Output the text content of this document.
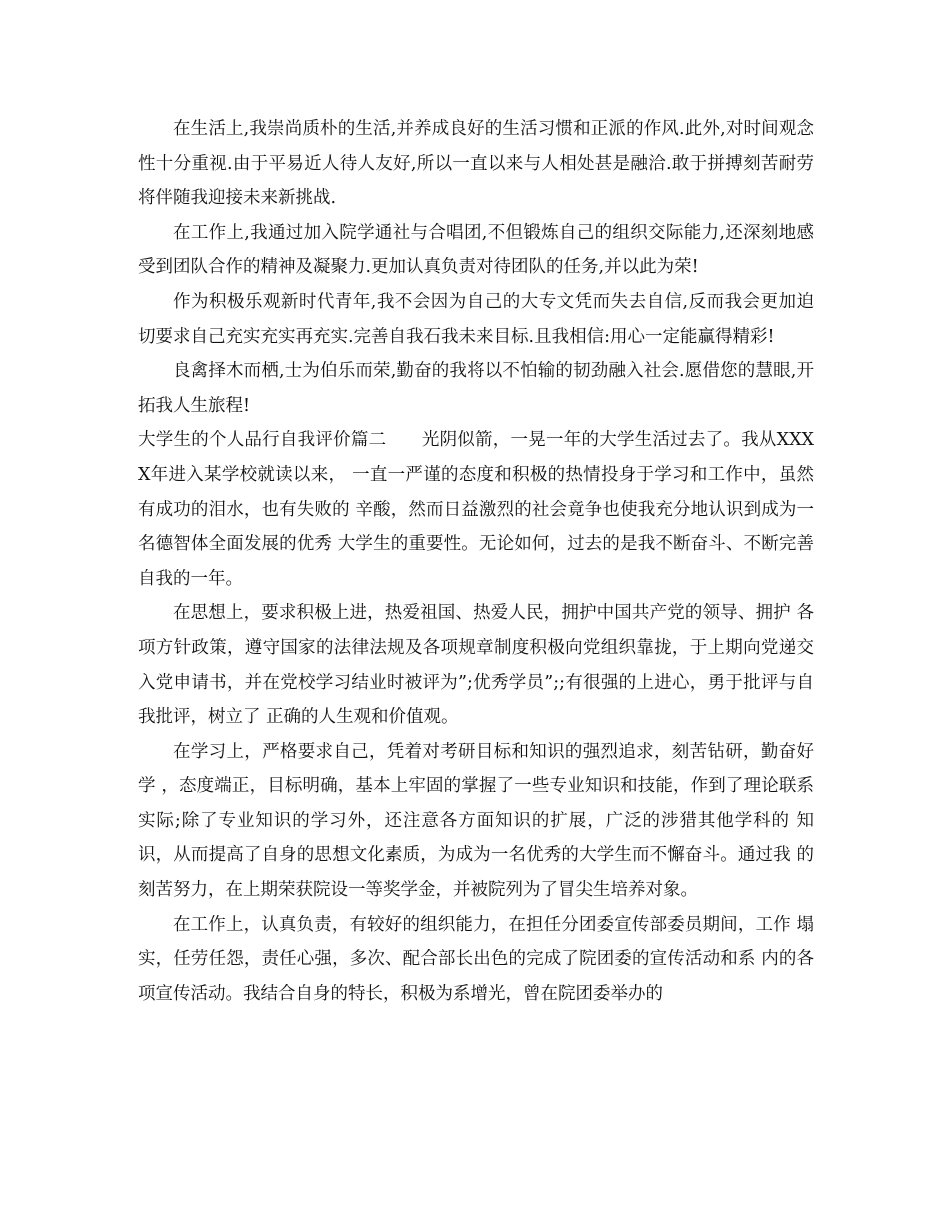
在生活上,我崇尚质朴的生活,并养成良好的生活习惯和正派的作风.此外,对时间观念性十分重视.由于平易近人待人友好,所以一直以来与人相处甚是融洽.敢于拼搏刻苦耐劳将伴随我迎接未来新挑战.

在工作上,我通过加入院学通社与合唱团,不但锻炼自己的组织交际能力,还深刻地感受到团队合作的精神及凝聚力.更加认真负责对待团队的任务,并以此为荣!

作为积极乐观新时代青年,我不会因为自己的大专文凭而失去自信,反而我会更加迫切要求自己充实充实再充实.完善自我石我未来目标.且我相信:用心一定能赢得精彩!

良禽择木而栖,士为伯乐而荣,勤奋的我将以不怕输的韧劲融入社会.愿借您的慧眼,开拓我人生旅程!

大学生的个人品行自我评价篇二　　光阴似箭，一晃一年的大学生活过去了。我从XXXX年进入某学校就读以来， 一直一严谨的态度和积极的热情投身于学习和工作中，虽然有成功的泪水，也有失败的 辛酸，然而日益激烈的社会竟争也使我充分地认识到成为一名德智体全面发展的优秀 大学生的重要性。无论如何，过去的是我不断奋斗、不断完善自我的一年。

在思想上，要求积极上进，热爱祖国、热爱人民，拥护中国共产党的领导、拥护 各项方针政策，遵守国家的法律法规及各项规章制度积极向党组织靠拢，于上期向党递交入党申请书，并在党校学习结业时被评为”;优秀学员”;;有很强的上进心，勇于批评与自我批评，树立了 正确的人生观和价值观。

在学习上，严格要求自己，凭着对考研目标和知识的强烈追求，刻苦钻研，勤奋好学 ，态度端正，目标明确，基本上牢固的掌握了一些专业知识和技能，作到了理论联系 实际;除了专业知识的学习外，还注意各方面知识的扩展，广泛的涉猎其他学科的 知识，从而提高了自身的思想文化素质，为成为一名优秀的大学生而不懈奋斗。通过我 的刻苦努力，在上期荣获院设一等奖学金，并被院列为了冒尖生培养对象。

在工作上，认真负责，有较好的组织能力，在担任分团委宣传部委员期间，工作 塌实，任劳任怨，责任心强，多次、配合部长出色的完成了院团委的宣传活动和系 内的各项宣传活动。我结合自身的特长，积极为系增光，曾在院团委举办的
